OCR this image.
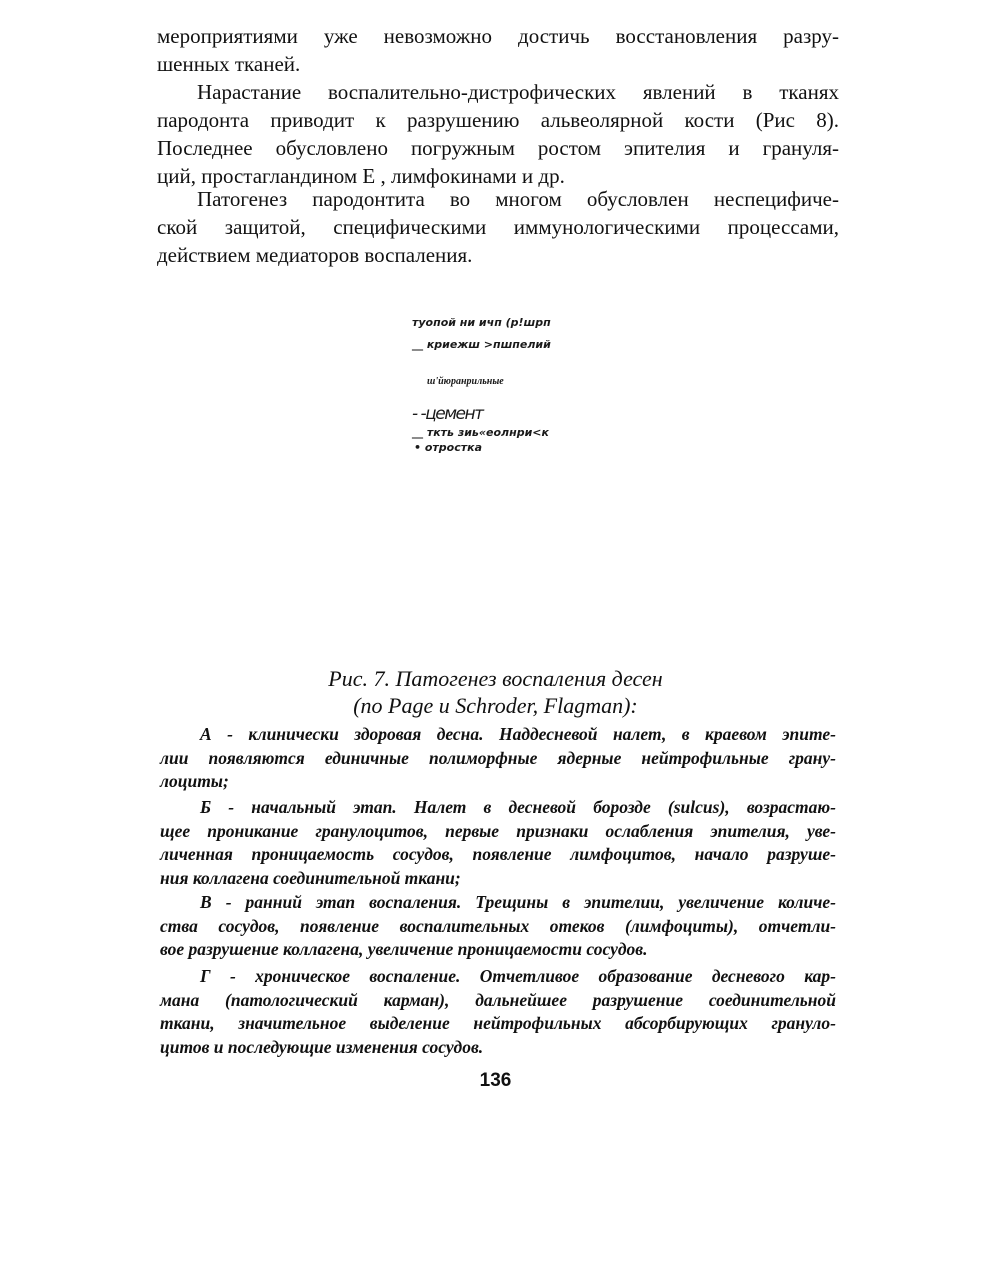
мероприятиями уже невозможно достичь восстановления разру-
шенных тканей.

Нарастание воспалительно-дистрофических явлений в тканях
пародонта приводит к разрушению альвеолярной кости (Рис 8).
Последнее обусловлено погружным ростом эпителия и грануля-
ций, простагландином Е , лимфокинами и др.

Патогенез пародонтита во многом обусловлен неспецифиче-
ской защитой, специфическими иммунологическими процессами,
действием медиаторов воспаления.

туопой ни ичп (р!шрп
__ криежш >пшпелий
ш'йюранрильные
- -цемент
__ ткть зиь«еолнри<к
• отростка

Рис. 7. Патогенез воспаления десен

(по Page и Schroder, Flagman):

А - клинически здоровая десна. Наддесневой налет, в краевом эпите-
лии появляются единичные полиморфные ядерные нейтрофильные грану-
лоциты;

Б - начальный этап. Налет в десневой борозде (sulcus), возрастаю-
щее проникание гранулоцитов, первые признаки ослабления эпителия, уве-
личенная проницаемость сосудов, появление лимфоцитов, начало разруше-
ния коллагена соединительной ткани;

В - ранний этап воспаления. Трещины в эпителии, увеличение количе-
ства сосудов, появление воспалительных отеков (лимфоциты), отчетли-
вое разрушение коллагена, увеличение проницаемости сосудов.

Г - хроническое воспаление. Отчетливое образование десневого кар-
мана (патологический карман), дальнейшее разрушение соединительной
ткани, значительное выделение нейтрофильных абсорбирующих грануло-
цитов и последующие изменения сосудов.

136
